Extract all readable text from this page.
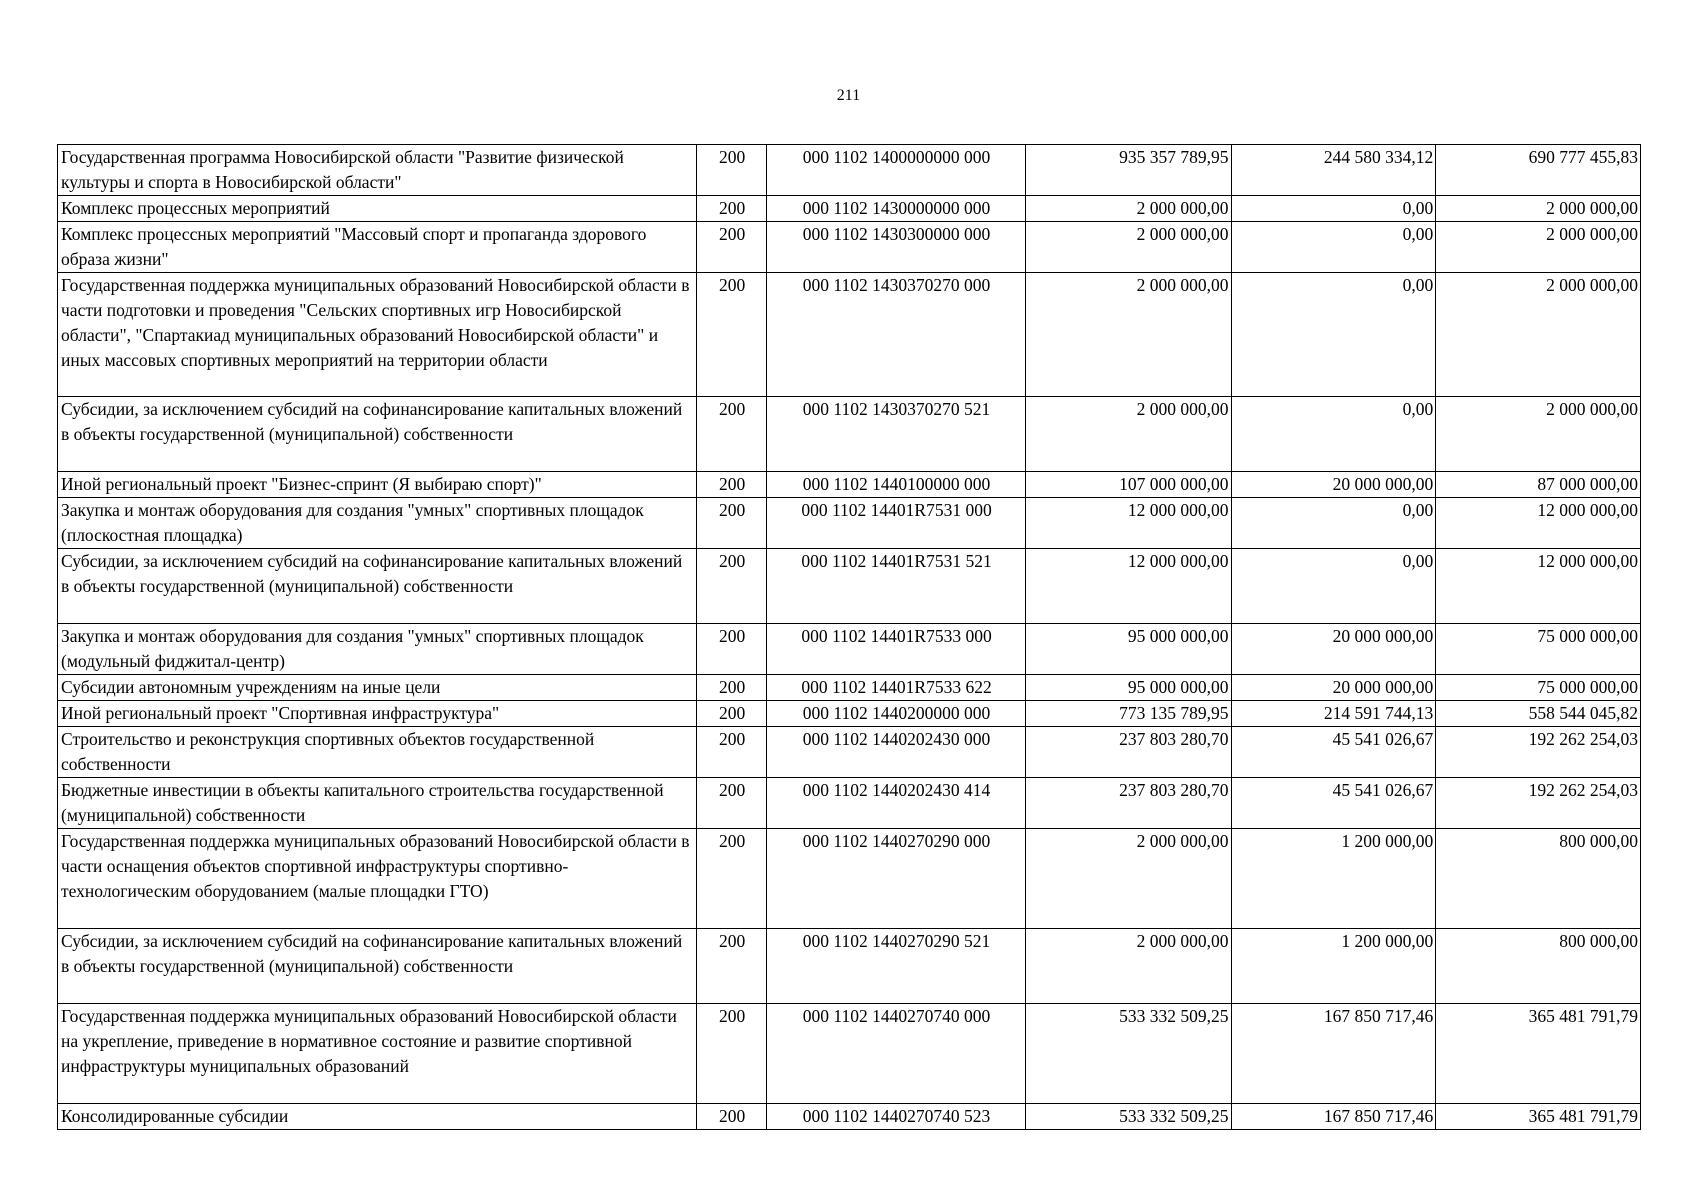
211
Государственная программа Новосибирской области "Развитие физической культуры и спорта в Новосибирской области"	200	000 1102 1400000000 000	935 357 789,95	244 580 334,12	690 777 455,83
Комплекс процессных мероприятий	200	000 1102 1430000000 000	2 000 000,00	0,00	2 000 000,00
Комплекс процессных мероприятий "Массовый спорт и пропаганда здорового образа жизни"	200	000 1102 1430300000 000	2 000 000,00	0,00	2 000 000,00
Государственная поддержка муниципальных образований Новосибирской области в части подготовки и проведения "Сельских спортивных игр Новосибирской области", "Спартакиад муниципальных образований Новосибирской области" и иных массовых спортивных мероприятий на территории области	200	000 1102 1430370270 000	2 000 000,00	0,00	2 000 000,00
Субсидии, за исключением субсидий на софинансирование капитальных вложений в объекты государственной (муниципальной) собственности	200	000 1102 1430370270 521	2 000 000,00	0,00	2 000 000,00
Иной региональный проект "Бизнес-спринт (Я выбираю спорт)"	200	000 1102 1440100000 000	107 000 000,00	20 000 000,00	87 000 000,00
Закупка и монтаж оборудования для создания "умных" спортивных площадок (плоскостная площадка)	200	000 1102 14401R7531 000	12 000 000,00	0,00	12 000 000,00
Субсидии, за исключением субсидий на софинансирование капитальных вложений в объекты государственной (муниципальной) собственности	200	000 1102 14401R7531 521	12 000 000,00	0,00	12 000 000,00
Закупка и монтаж оборудования для создания "умных" спортивных площадок (модульный фиджитал-центр)	200	000 1102 14401R7533 000	95 000 000,00	20 000 000,00	75 000 000,00
Субсидии автономным учреждениям на иные цели	200	000 1102 14401R7533 622	95 000 000,00	20 000 000,00	75 000 000,00
Иной региональный проект "Спортивная инфраструктура"	200	000 1102 1440200000 000	773 135 789,95	214 591 744,13	558 544 045,82
Строительство и реконструкция спортивных объектов государственной собственности	200	000 1102 1440202430 000	237 803 280,70	45 541 026,67	192 262 254,03
Бюджетные инвестиции в объекты капитального строительства государственной (муниципальной) собственности	200	000 1102 1440202430 414	237 803 280,70	45 541 026,67	192 262 254,03
Государственная поддержка муниципальных образований Новосибирской области в части оснащения объектов спортивной инфраструктуры спортивно-технологическим оборудованием (малые площадки ГТО)	200	000 1102 1440270290 000	2 000 000,00	1 200 000,00	800 000,00
Субсидии, за исключением субсидий на софинансирование капитальных вложений в объекты государственной (муниципальной) собственности	200	000 1102 1440270290 521	2 000 000,00	1 200 000,00	800 000,00
Государственная поддержка муниципальных образований Новосибирской области на укрепление, приведение в нормативное состояние и развитие спортивной инфраструктуры муниципальных образований	200	000 1102 1440270740 000	533 332 509,25	167 850 717,46	365 481 791,79
Консолидированные субсидии	200	000 1102 1440270740 523	533 332 509,25	167 850 717,46	365 481 791,79
